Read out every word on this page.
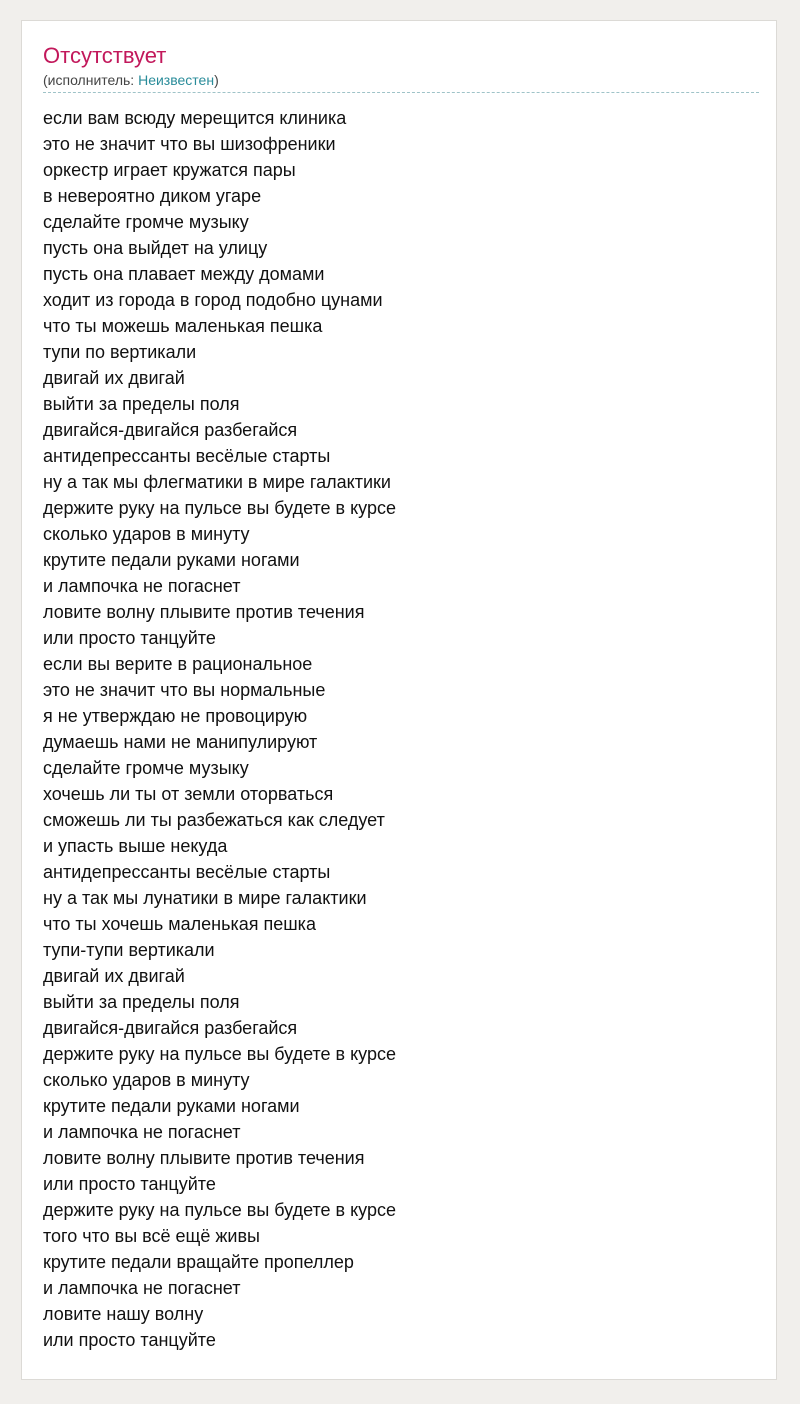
Отсутствует
(исполнитель: Неизвестен)
если вам всюду мерещится клиника
это не значит что вы шизофреники
оркестр играет кружатся пары
в невероятно диком угаре
сделайте громче музыку
пусть она выйдет на улицу
пусть она плавает между домами
ходит из города в город подобно цунами
что ты можешь маленькая пешка
тупи по вертикали
двигай их двигай
выйти за пределы поля
двигайся-двигайся разбегайся
антидепрессанты весёлые старты
ну а так мы флегматики в мире галактики
держите руку на пульсе вы будете в курсе
сколько ударов в минуту
крутите педали руками ногами
и лампочка не погаснет
ловите волну плывите против течения
или просто танцуйте
если вы верите в рациональное
это не значит что вы нормальные
я не утверждаю не провоцирую
думаешь нами не манипулируют
сделайте громче музыку
хочешь ли ты от земли оторваться
сможешь ли ты разбежаться как следует
и упасть выше некуда
антидепрессанты весёлые старты
ну а так мы лунатики в мире галактики
что ты хочешь маленькая пешка
тупи-тупи вертикали
двигай их двигай
выйти за пределы поля
двигайся-двигайся разбегайся
держите руку на пульсе вы будете в курсе
сколько ударов в минуту
крутите педали руками ногами
и лампочка не погаснет
ловите волну плывите против течения
или просто танцуйте
держите руку на пульсе вы будете в курсе
того что вы всё ещё живы
крутите педали вращайте пропеллер
и лампочка не погаснет
ловите нашу волну
или просто танцуйте
